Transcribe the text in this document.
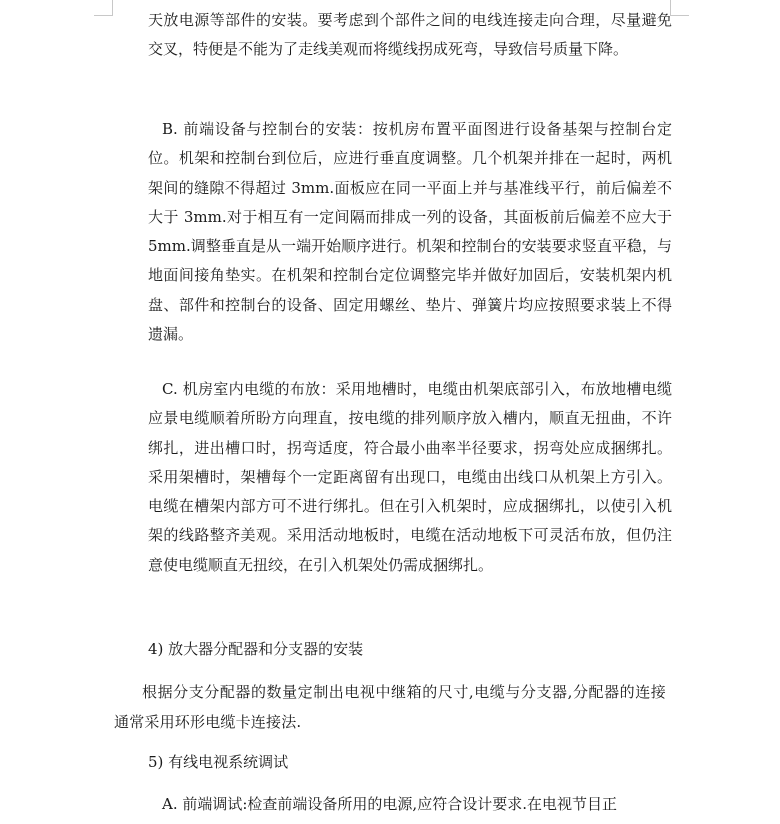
天放电源等部件的安装。要考虑到个部件之间的电线连接走向合理，尽量避免交叉，特便是不能为了走线美观而将缆线拐成死弯，导致信号质量下降。

B. 前端设备与控制台的安装：按机房布置平面图进行设备基架与控制台定位。机架和控制台到位后，应进行垂直度调整。几个机架并排在一起时，两机架间的缝隙不得超过 3mm.面板应在同一平面上并与基准线平行，前后偏差不大于 3mm.对于相互有一定间隔而排成一列的设备，其面板前后偏差不应大于 5mm.调整垂直是从一端开始顺序进行。机架和控制台的安装要求竖直平稳，与地面间接角垫实。在机架和控制台定位调整完毕并做好加固后，安装机架内机盘、部件和控制台的设备、固定用螺丝、垫片、弹簧片均应按照要求装上不得遗漏。

C. 机房室内电缆的布放：采用地槽时，电缆由机架底部引入，布放地槽电缆应景电缆顺着所盼方向理直，按电缆的排列顺序放入槽内，顺直无扭曲，不许绑扎，进出槽口时，拐弯适度，符合最小曲率半径要求，拐弯处应成捆绑扎。采用架槽时，架槽每个一定距离留有出现口，电缆由出线口从机架上方引入。电缆在槽架内部方可不进行绑扎。但在引入机架时，应成捆绑扎，以使引入机架的线路整齐美观。采用活动地板时，电缆在活动地板下可灵活布放，但仍注意使电缆顺直无扭绞，在引入机架处仍需成捆绑扎。

4) 放大器分配器和分支器的安装

根据分支分配器的数量定制出电视中继箱的尺寸,电缆与分支器,分配器的连接通常采用环形电缆卡连接法.

5) 有线电视系统调试

A. 前端调试:检查前端设备所用的电源,应符合设计要求.在电视节目正
